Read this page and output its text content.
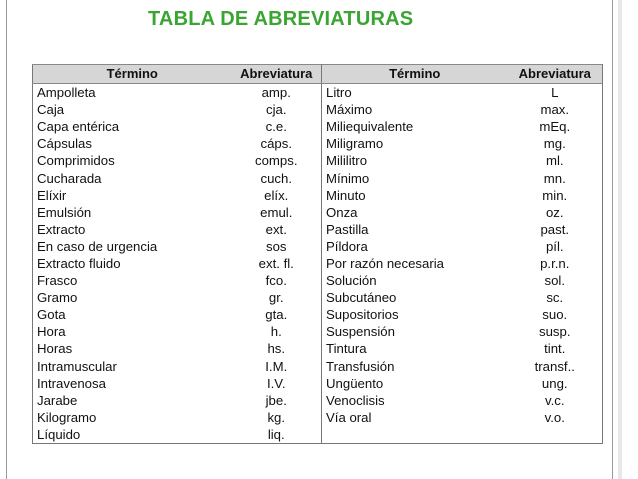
TABLA DE ABREVIATURAS
Término	Abreviatura	Término	Abreviatura
Ampolleta	amp.	Litro	L
Caja	cja.	Máximo	max.
Capa entérica	c.e.	Miliequivalente	mEq.
Cápsulas	cáps.	Miligramo	mg.
Comprimidos	comps.	Mililitro	ml.
Cucharada	cuch.	Mínimo	mn.
Elíxir	elíx.	Minuto	min.
Emulsión	emul.	Onza	oz.
Extracto	ext.	Pastilla	past.
En caso de urgencia	sos	Píldora	píl.
Extracto fluido	ext. fl.	Por razón necesaria	p.r.n.
Frasco	fco.	Solución	sol.
Gramo	gr.	Subcutáneo	sc.
Gota	gta.	Supositorios	suo.
Hora	h.	Suspensión	susp.
Horas	hs.	Tintura	tint.
Intramuscular	I.M.	Transfusión	transf..
Intravenosa	I.V.	Ungüento	ung.
Jarabe	jbe.	Venoclisis	v.c.
Kilogramo	kg.	Vía oral	v.o.
Líquido	liq.		
